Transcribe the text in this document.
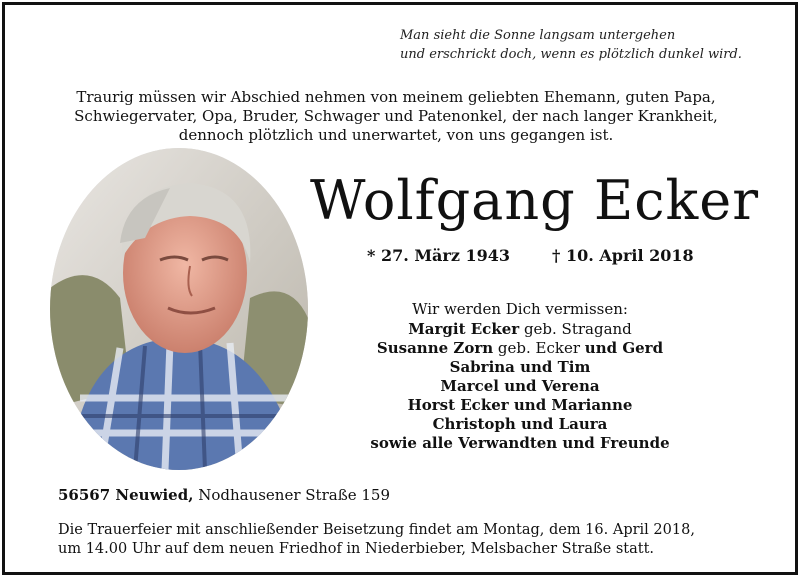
Man sieht die Sonne langsam untergehen
und erschrickt doch, wenn es plötzlich dunkel wird.
Traurig müssen wir Abschied nehmen von meinem geliebten Ehemann, guten Papa,
Schwiegervater, Opa, Bruder, Schwager und Patenonkel, der nach langer Krankheit,
dennoch plötzlich und unerwartet, von uns gegangen ist.
Wolfgang Ecker
* 27. März 1943	† 10. April 2018
Wir werden Dich vermissen:
Margit Ecker geb. Stragand
Susanne Zorn geb. Ecker und Gerd
Sabrina und Tim
Marcel und Verena
Horst Ecker und Marianne
Christoph und Laura
sowie alle Verwandten und Freunde
56567 Neuwied, Nodhausener Straße 159
Die Trauerfeier mit anschließender Beisetzung findet am Montag, dem 16. April 2018,
um 14.00 Uhr auf dem neuen Friedhof in Niederbieber, Melsbacher Straße statt.
